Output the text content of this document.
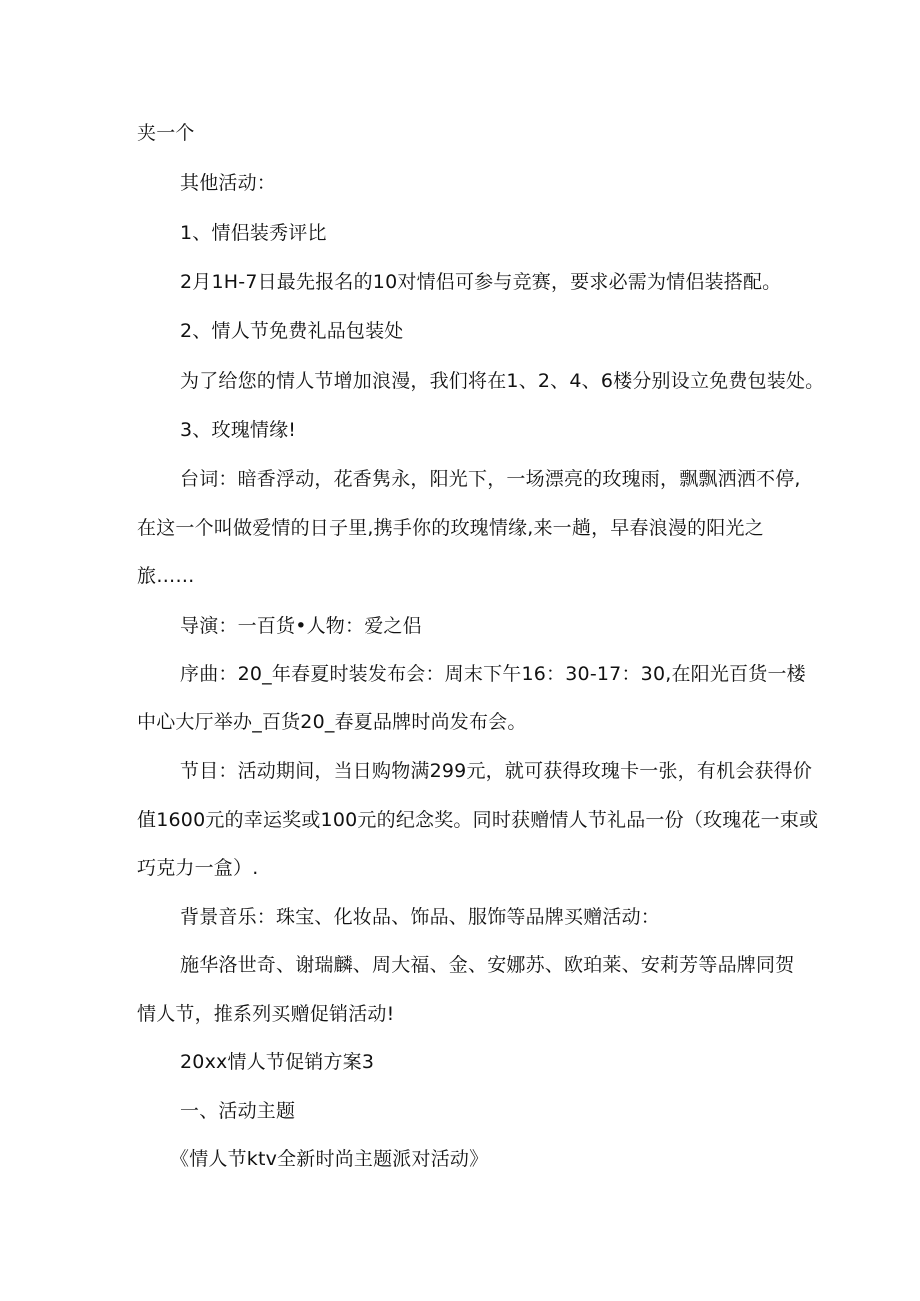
夹一个
其他活动：
1、情侣装秀评比
2月1H-7日最先报名的10对情侣可参与竞赛，要求必需为情侣装搭配。
2、情人节免费礼品包装处
为了给您的情人节增加浪漫，我们将在1、2、4、6楼分别设立免费包装处。
3、玫瑰情缘!
台词：暗香浮动，花香隽永，阳光下，一场漂亮的玫瑰雨，飘飘洒洒不停,
在这一个叫做爱情的日子里,携手你的玫瑰情缘,来一趟，早春浪漫的阳光之
旅……
导演：一百货•人物：爱之侣
序曲：20_年春夏时装发布会：周末下午16：30-17：30,在阳光百货一楼
中心大厅举办_百货20_春夏品牌时尚发布会。
节目：活动期间，当日购物满299元，就可获得玫瑰卡一张，有机会获得价
值1600元的幸运奖或100元的纪念奖。同时获赠情人节礼品一份（玫瑰花一束或
巧克力一盒）.
背景音乐：珠宝、化妆品、饰品、服饰等品牌买赠活动：
施华洛世奇、谢瑞麟、周大福、金、安娜苏、欧珀莱、安莉芳等品牌同贺
情人节，推系列买赠促销活动!
20xx情人节促销方案3
一、活动主题
《情人节ktv全新时尚主题派对活动》
